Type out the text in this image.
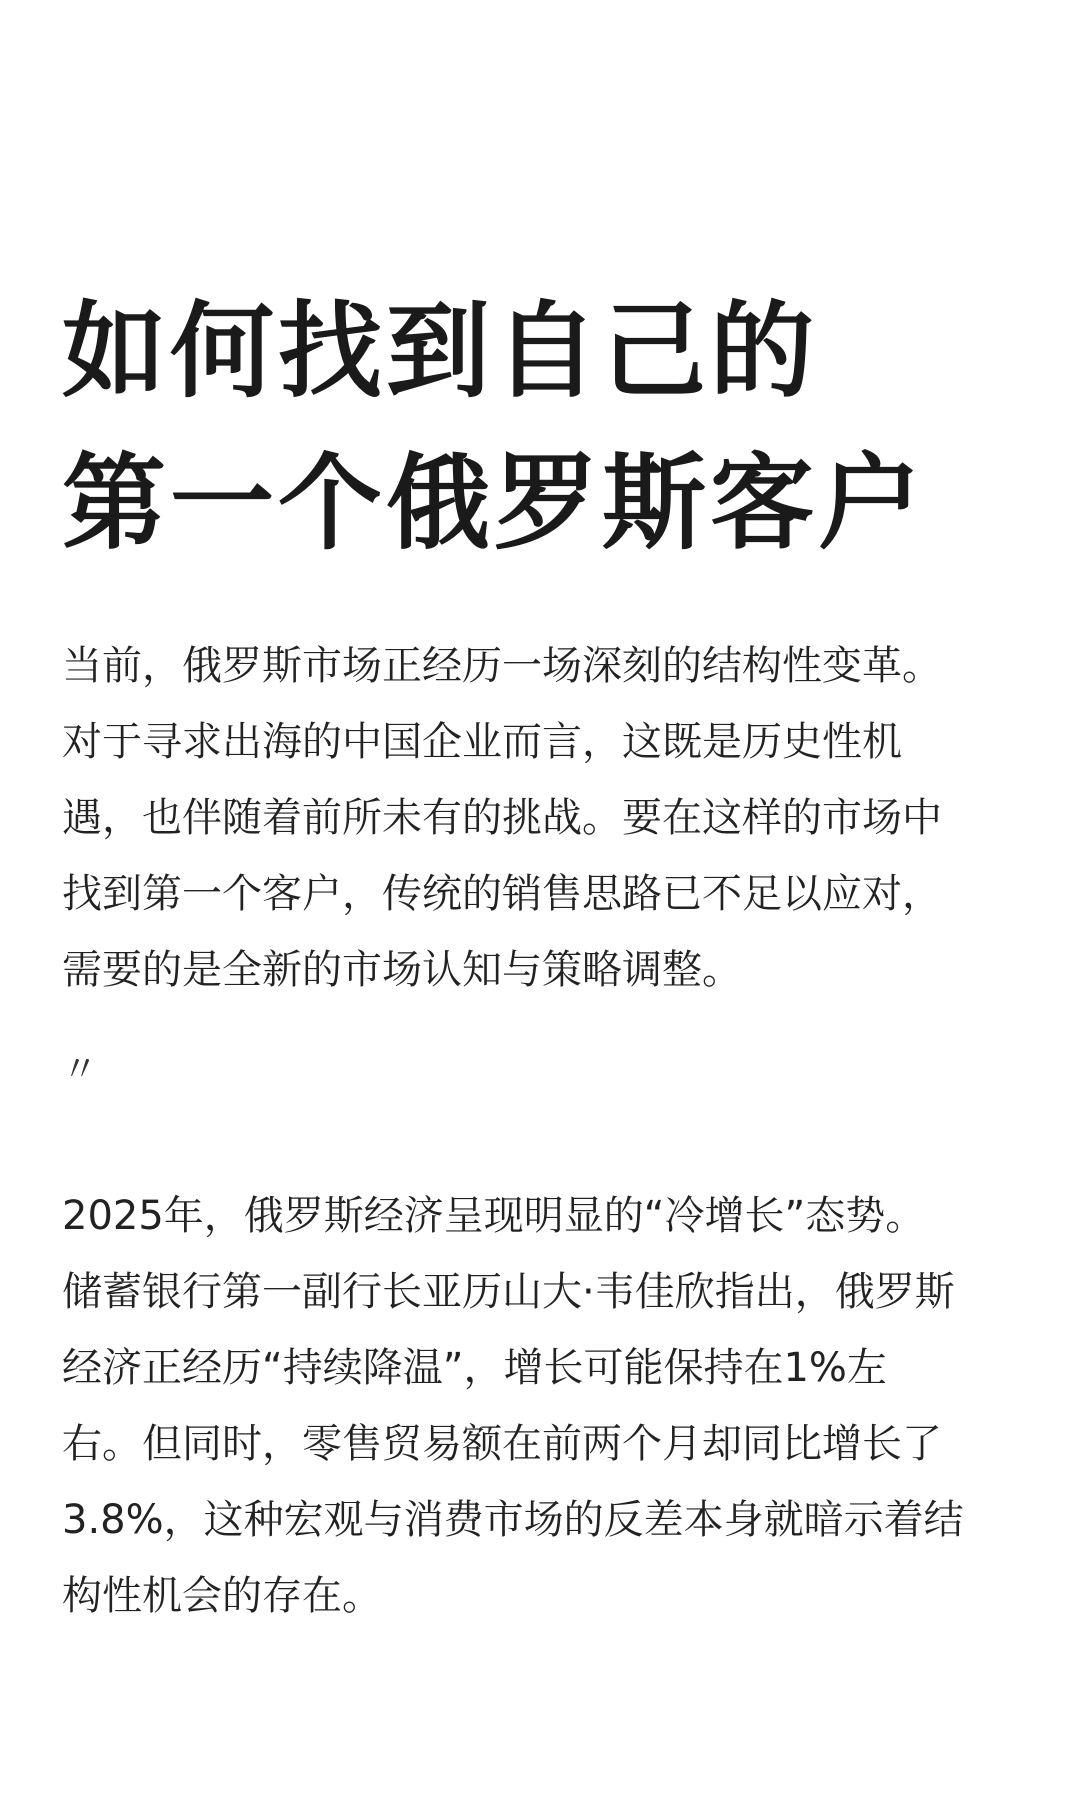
如何找到自己的
第一个俄罗斯客户

当前，俄罗斯市场正经历一场深刻的结构性变革。
对于寻求出海的中国企业而言，这既是历史性机
遇，也伴随着前所未有的挑战。要在这样的市场中
找到第一个客户，传统的销售思路已不足以应对，
需要的是全新的市场认知与策略调整。

〃

2025年，俄罗斯经济呈现明显的“冷增长”态势。
储蓄银行第一副行长亚历山大·韦佳欣指出，俄罗斯
经济正经历“持续降温”，增长可能保持在1%左
右。但同时，零售贸易额在前两个月却同比增长了
3.8%，这种宏观与消费市场的反差本身就暗示着结
构性机会的存在。
